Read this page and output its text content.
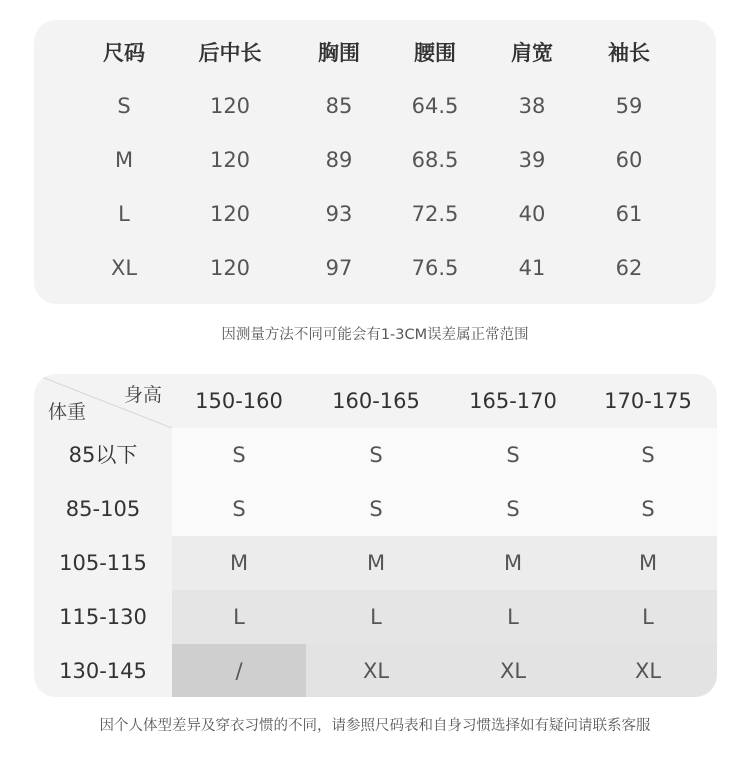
尺码	后中长	胸围	腰围	肩宽	袖长
S	120	85	64.5	38	59
M	120	89	68.5	39	60
L	120	93	72.5	40	61
XL	120	97	76.5	41	62
因测量方法不同可能会有1-3CM误差属正常范围
身高
体重	150-160	160-165	165-170	170-175
85以下	S	S	S	S
85-105	S	S	S	S
105-115	M	M	M	M
115-130	L	L	L	L
130-145	/	XL	XL	XL
因个人体型差异及穿衣习惯的不同，请参照尺码表和自身习惯选择如有疑问请联系客服
